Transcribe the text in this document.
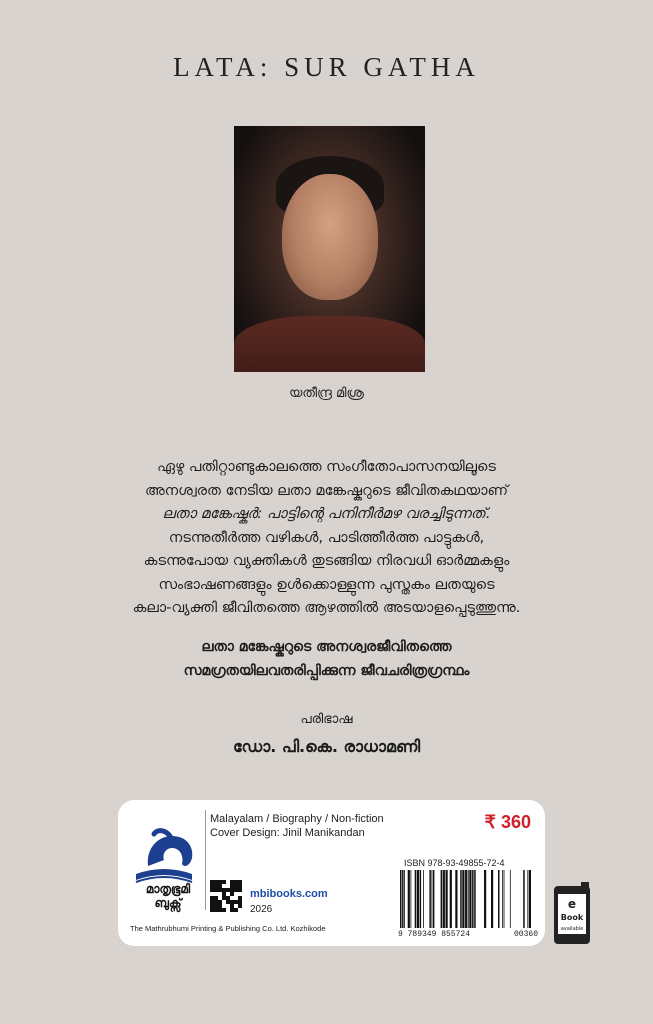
LATA: SUR GATHA
യതീന്ദ്ര മിശ്ര
ഏഴു പതിറ്റാണ്ടുകാലത്തെ സംഗീതോപാസനയിലൂടെ
അനശ്വരത നേടിയ ലതാ മങ്കേഷ്കറുടെ ജീവിതകഥയാണ്
ലതാ മങ്കേഷ്കർ: പാട്ടിന്റെ പനിനീർമഴ വരച്ചിടുന്നത്.
നടന്നുതീർത്ത വഴികൾ, പാടിത്തീർത്ത പാട്ടുകൾ,
കടന്നുപോയ വ്യക്തികൾ തുടങ്ങിയ നിരവധി ഓർമ്മകളും
സംഭാഷണങ്ങളും ഉൾക്കൊള്ളുന്ന പുസ്തകം ലതയുടെ
കലാ-വ്യക്തി ജീവിതത്തെ ആഴത്തിൽ അടയാളപ്പെടുത്തുന്നു.
ലതാ മങ്കേഷ്കറുടെ അനശ്വരജീവിതത്തെ
സമഗ്രതയിലവതരിപ്പിക്കുന്ന ജീവചരിത്രഗ്രന്ഥം
പരിഭാഷ
ഡോ. പി.കെ. രാധാമണി
മാതൃഭൂമി
ബുക്സ്
Malayalam / Biography / Non-fiction
Cover Design: Jinil Manikandan
₹ 360
ISBN 978-93-49855-72-4
9 789349 855724	00360
mbibooks.com
2026
The Mathrubhumi Printing & Publishing Co. Ltd. Kozhikode
e
Book
available
